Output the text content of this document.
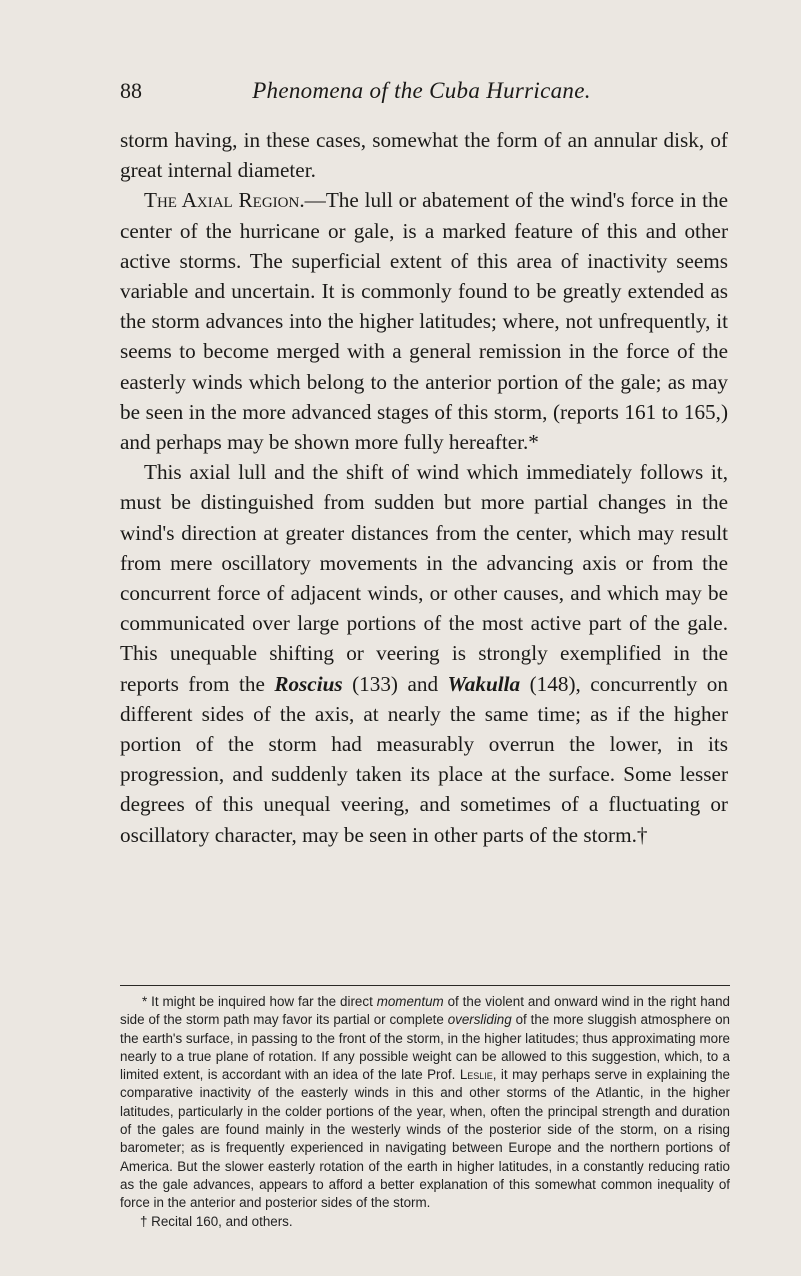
88	Phenomena of the Cuba Hurricane.

storm having, in these cases, somewhat the form of an annular disk, of great internal diameter.

The Axial Region.—The lull or abatement of the wind's force in the center of the hurricane or gale, is a marked feature of this and other active storms. The superficial extent of this area of inactivity seems variable and uncertain. It is commonly found to be greatly extended as the storm advances into the higher latitudes; where, not unfrequently, it seems to become merged with a general remission in the force of the easterly winds which belong to the anterior portion of the gale; as may be seen in the more advanced stages of this storm, (reports 161 to 165,) and perhaps may be shown more fully hereafter.*

This axial lull and the shift of wind which immediately follows it, must be distinguished from sudden but more partial changes in the wind's direction at greater distances from the center, which may result from mere oscillatory movements in the advancing axis or from the concurrent force of adjacent winds, or other causes, and which may be communicated over large portions of the most active part of the gale. This unequable shifting or veering is strongly exemplified in the reports from the Roscius (133) and Wakulla (148), concurrently on different sides of the axis, at nearly the same time; as if the higher portion of the storm had measurably overrun the lower, in its progression, and suddenly taken its place at the surface. Some lesser degrees of this unequal veering, and sometimes of a fluctuating or oscillatory character, may be seen in other parts of the storm.†

* It might be inquired how far the direct momentum of the violent and onward wind in the right hand side of the storm path may favor its partial or complete oversliding of the more sluggish atmosphere on the earth's surface, in passing to the front of the storm, in the higher latitudes; thus approximating more nearly to a true plane of rotation. If any possible weight can be allowed to this suggestion, which, to a limited extent, is accordant with an idea of the late Prof. Leslie, it may perhaps serve in explaining the comparative inactivity of the easterly winds in this and other storms of the Atlantic, in the higher latitudes, particularly in the colder portions of the year, when, often the principal strength and duration of the gales are found mainly in the westerly winds of the posterior side of the storm, on a rising barometer; as is frequently experienced in navigating between Europe and the northern portions of America. But the slower easterly rotation of the earth in higher latitudes, in a constantly reducing ratio as the gale advances, appears to afford a better explanation of this somewhat common inequality of force in the anterior and posterior sides of the storm.

† Recital 160, and others.
